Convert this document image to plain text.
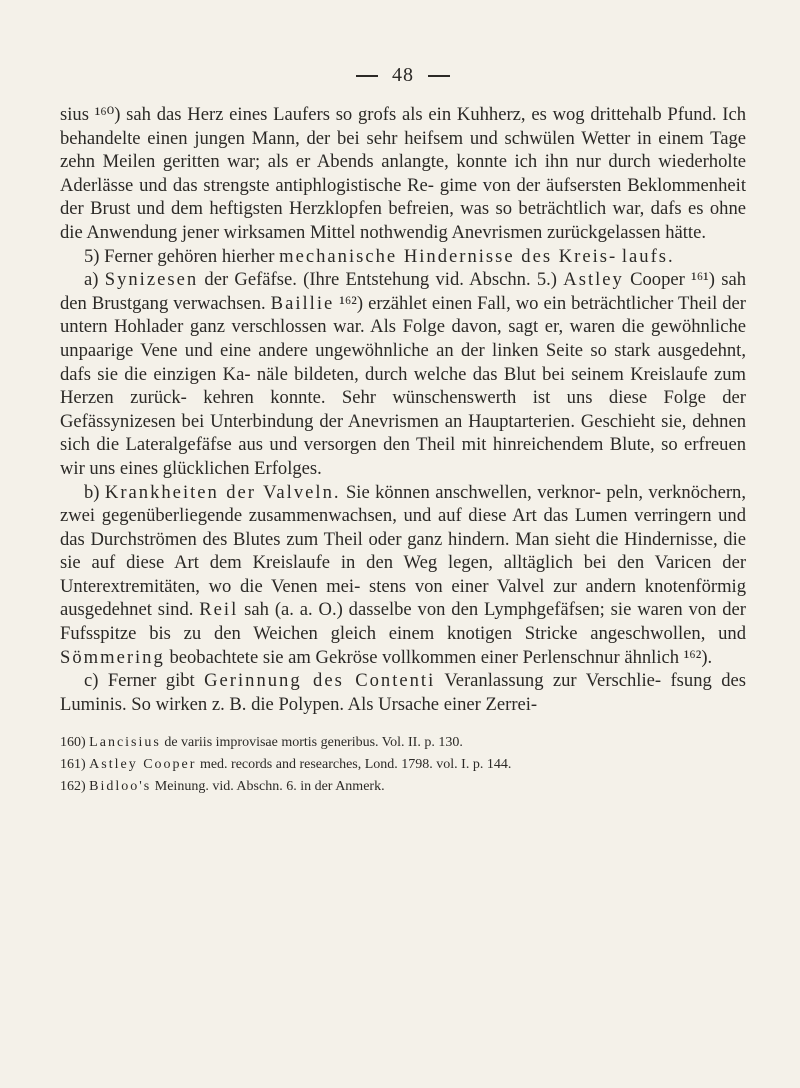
48

sius ¹⁶⁰) sah das Herz eines Laufers so grofs als ein Kuhherz, es wog drittehalb Pfund. Ich behandelte einen jungen Mann, der bei sehr heifsem und schwülen Wetter in einem Tage zehn Meilen geritten war; als er Abends anlangte, konnte ich ihn nur durch wiederholte Aderlässe und das strengste antiphlogistische Re- gime von der äufsersten Beklommenheit der Brust und dem heftigsten Herzklopfen befreien, was so beträchtlich war, dafs es ohne die Anwendung jener wirksamen Mittel nothwendig Anevrismen zurückgelassen hätte.

5) Ferner gehören hierher mechanische Hindernisse des Kreis- laufs.

a) Synizesen der Gefäfse. (Ihre Entstehung vid. Abschn. 5.) Astley Cooper ¹⁶¹) sah den Brustgang verwachsen. Baillie ¹⁶²) erzählet einen Fall, wo ein beträchtlicher Theil der untern Hohlader ganz verschlossen war. Als Folge davon, sagt er, waren die gewöhnliche unpaarige Vene und eine andere ungewöhnliche an der linken Seite so stark ausgedehnt, dafs sie die einzigen Ka- näle bildeten, durch welche das Blut bei seinem Kreislaufe zum Herzen zurück- kehren konnte. Sehr wünschenswerth ist uns diese Folge der Gefässynizesen bei Unterbindung der Anevrismen an Hauptarterien. Geschieht sie, dehnen sich die Lateralgefäfse aus und versorgen den Theil mit hinreichendem Blute, so erfreuen wir uns eines glücklichen Erfolges.

b) Krankheiten der Valveln. Sie können anschwellen, verknor- peln, verknöchern, zwei gegenüberliegende zusammenwachsen, und auf diese Art das Lumen verringern und das Durchströmen des Blutes zum Theil oder ganz hindern. Man sieht die Hindernisse, die sie auf diese Art dem Kreislaufe in den Weg legen, alltäglich bei den Varicen der Unterextremitäten, wo die Venen mei- stens von einer Valvel zur andern knotenförmig ausgedehnet sind. Reil sah (a. a. O.) dasselbe von den Lymphgefäfsen; sie waren von der Fufsspitze bis zu den Weichen gleich einem knotigen Stricke angeschwollen, und Sömmering beobachtete sie am Gekröse vollkommen einer Perlenschnur ähnlich ¹⁶²).

c) Ferner gibt Gerinnung des Contenti Veranlassung zur Verschlie- fsung des Luminis. So wirken z. B. die Polypen. Als Ursache einer Zerrei-

160) Lancisius de variis improvisae mortis generibus. Vol. II. p. 130.

161) Astley Cooper med. records and researches, Lond. 1798. vol. I. p. 144.

162) Bidloo's Meinung. vid. Abschn. 6. in der Anmerk.
